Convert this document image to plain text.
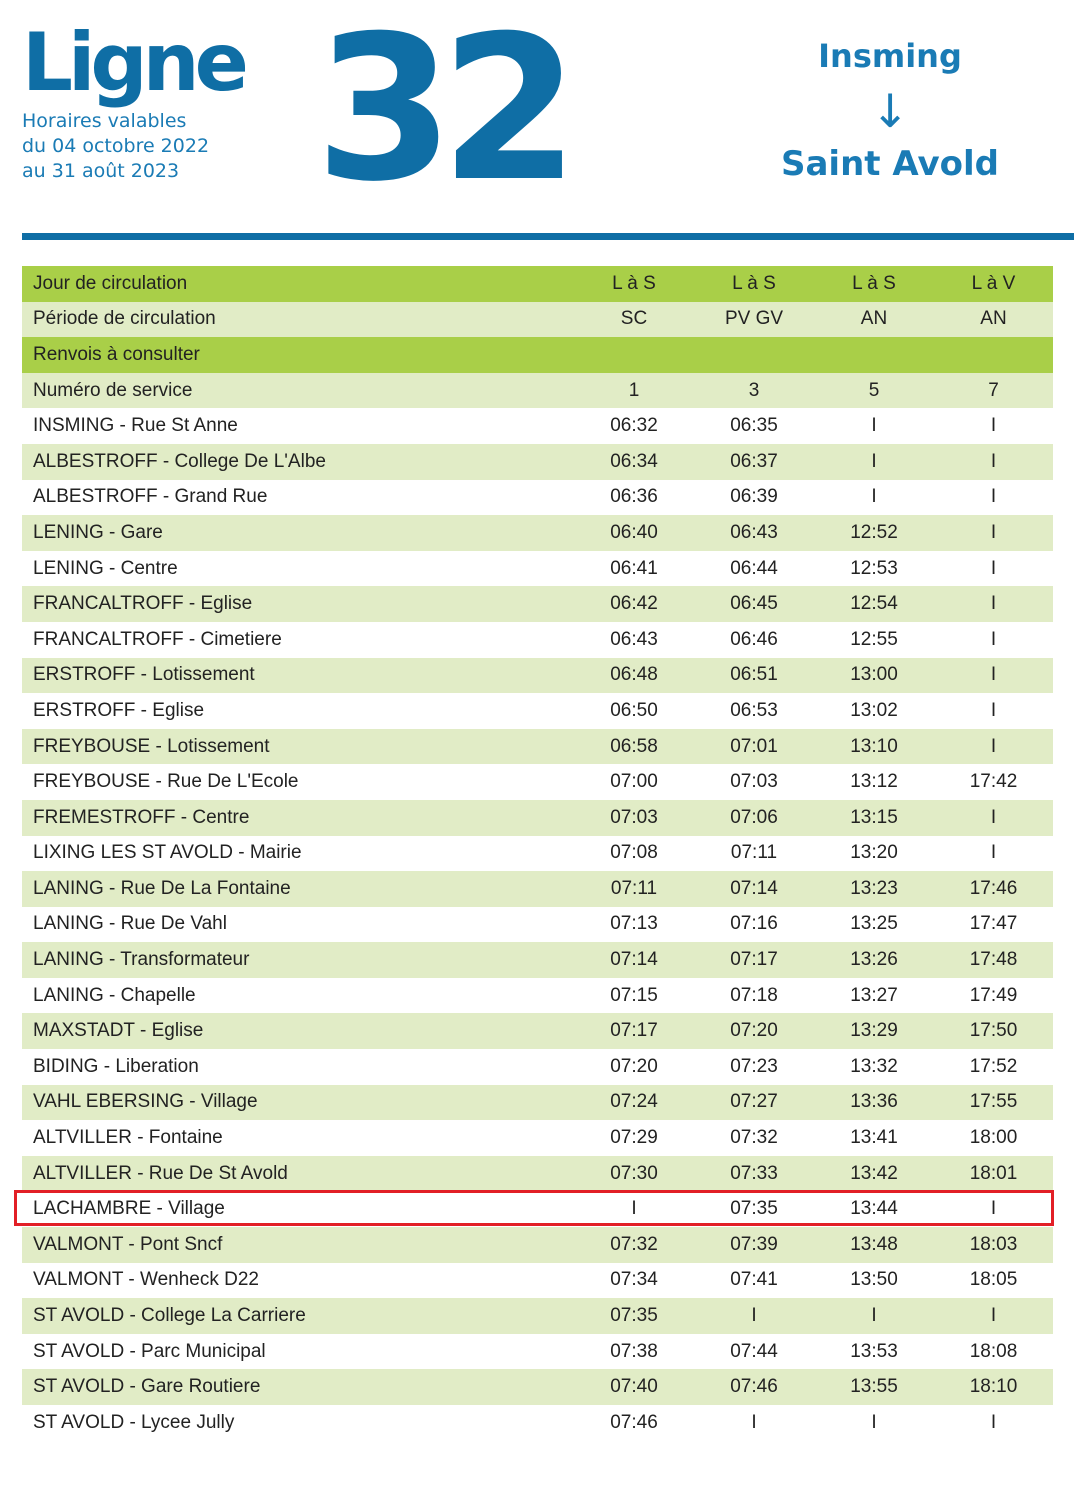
Ligne
Horaires valables
du 04 octobre 2022
au 31 août 2023 32	Insming
↓
Saint Avold
Jour de circulation	L à S	L à S	L à S	L à V
Période de circulation	SC	PV GV	AN	AN
Renvois à consulter
Numéro de service	1	3	5	7
INSMING - Rue St Anne	06:32	06:35	I	I
ALBESTROFF - College De L'Albe	06:34	06:37	I	I
ALBESTROFF - Grand Rue	06:36	06:39	I	I
LENING - Gare	06:40	06:43	12:52	I
LENING - Centre	06:41	06:44	12:53	I
FRANCALTROFF - Eglise	06:42	06:45	12:54	I
FRANCALTROFF - Cimetiere	06:43	06:46	12:55	I
ERSTROFF - Lotissement	06:48	06:51	13:00	I
ERSTROFF - Eglise	06:50	06:53	13:02	I
FREYBOUSE - Lotissement	06:58	07:01	13:10	I
FREYBOUSE - Rue De L'Ecole	07:00	07:03	13:12	17:42
FREMESTROFF - Centre	07:03	07:06	13:15	I
LIXING LES ST AVOLD - Mairie	07:08	07:11	13:20	I
LANING - Rue De La Fontaine	07:11	07:14	13:23	17:46
LANING - Rue De Vahl	07:13	07:16	13:25	17:47
LANING - Transformateur	07:14	07:17	13:26	17:48
LANING - Chapelle	07:15	07:18	13:27	17:49
MAXSTADT - Eglise	07:17	07:20	13:29	17:50
BIDING - Liberation	07:20	07:23	13:32	17:52
VAHL EBERSING - Village	07:24	07:27	13:36	17:55
ALTVILLER - Fontaine	07:29	07:32	13:41	18:00
ALTVILLER - Rue De St Avold	07:30	07:33	13:42	18:01
LACHAMBRE - Village	I	07:35	13:44	I
VALMONT - Pont Sncf	07:32	07:39	13:48	18:03
VALMONT - Wenheck D22	07:34	07:41	13:50	18:05
ST AVOLD - College La Carriere	07:35	I	I	I
ST AVOLD - Parc Municipal	07:38	07:44	13:53	18:08
ST AVOLD - Gare Routiere	07:40	07:46	13:55	18:10
ST AVOLD - Lycee Jully	07:46	I	I	I
